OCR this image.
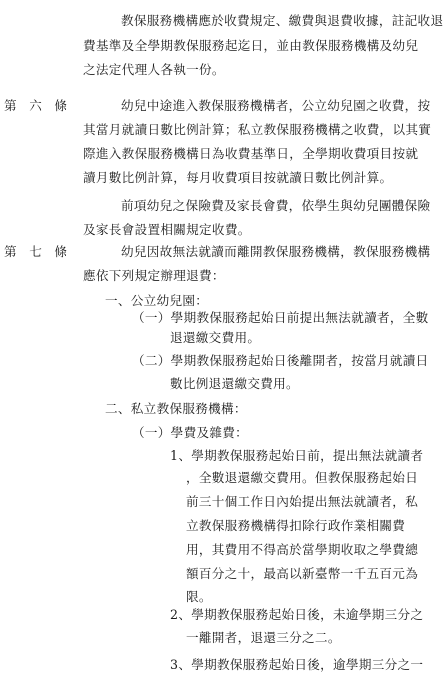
教保服務機構應於收費規定、繳費與退費收據，註記收退
費基準及全學期教保服務起迄日，並由教保服務機構及幼兒
之法定代理人各執一份。
第　六　條	幼兒中途進入教保服務機構者，公立幼兒園之收費，按
其當月就讀日數比例計算；私立教保服務機構之收費，以其實
際進入教保服務機構日為收費基準日，全學期收費項目按就
讀月數比例計算，每月收費項目按就讀日數比例計算。
前項幼兒之保險費及家長會費，依學生與幼兒團體保險
及家長會設置相關規定收費。
第　七　條	幼兒因故無法就讀而離開教保服務機構，教保服務機構
應依下列規定辦理退費：
一、公立幼兒園：
（一）學期教保服務起始日前提出無法就讀者，全數
退還繳交費用。
（二）學期教保服務起始日後離開者，按當月就讀日
數比例退還繳交費用。
二、私立教保服務機構：
（一）學費及雜費：
1、學期教保服務起始日前，提出無法就讀者
，全數退還繳交費用。但教保服務起始日
前三十個工作日內始提出無法就讀者，私
立教保服務機構得扣除行政作業相關費
用，其費用不得高於當學期收取之學費總
額百分之十，最高以新臺幣一千五百元為
限。
2、學期教保服務起始日後，未逾學期三分之
一離開者，退還三分之二。
3、學期教保服務起始日後，逾學期三分之一
